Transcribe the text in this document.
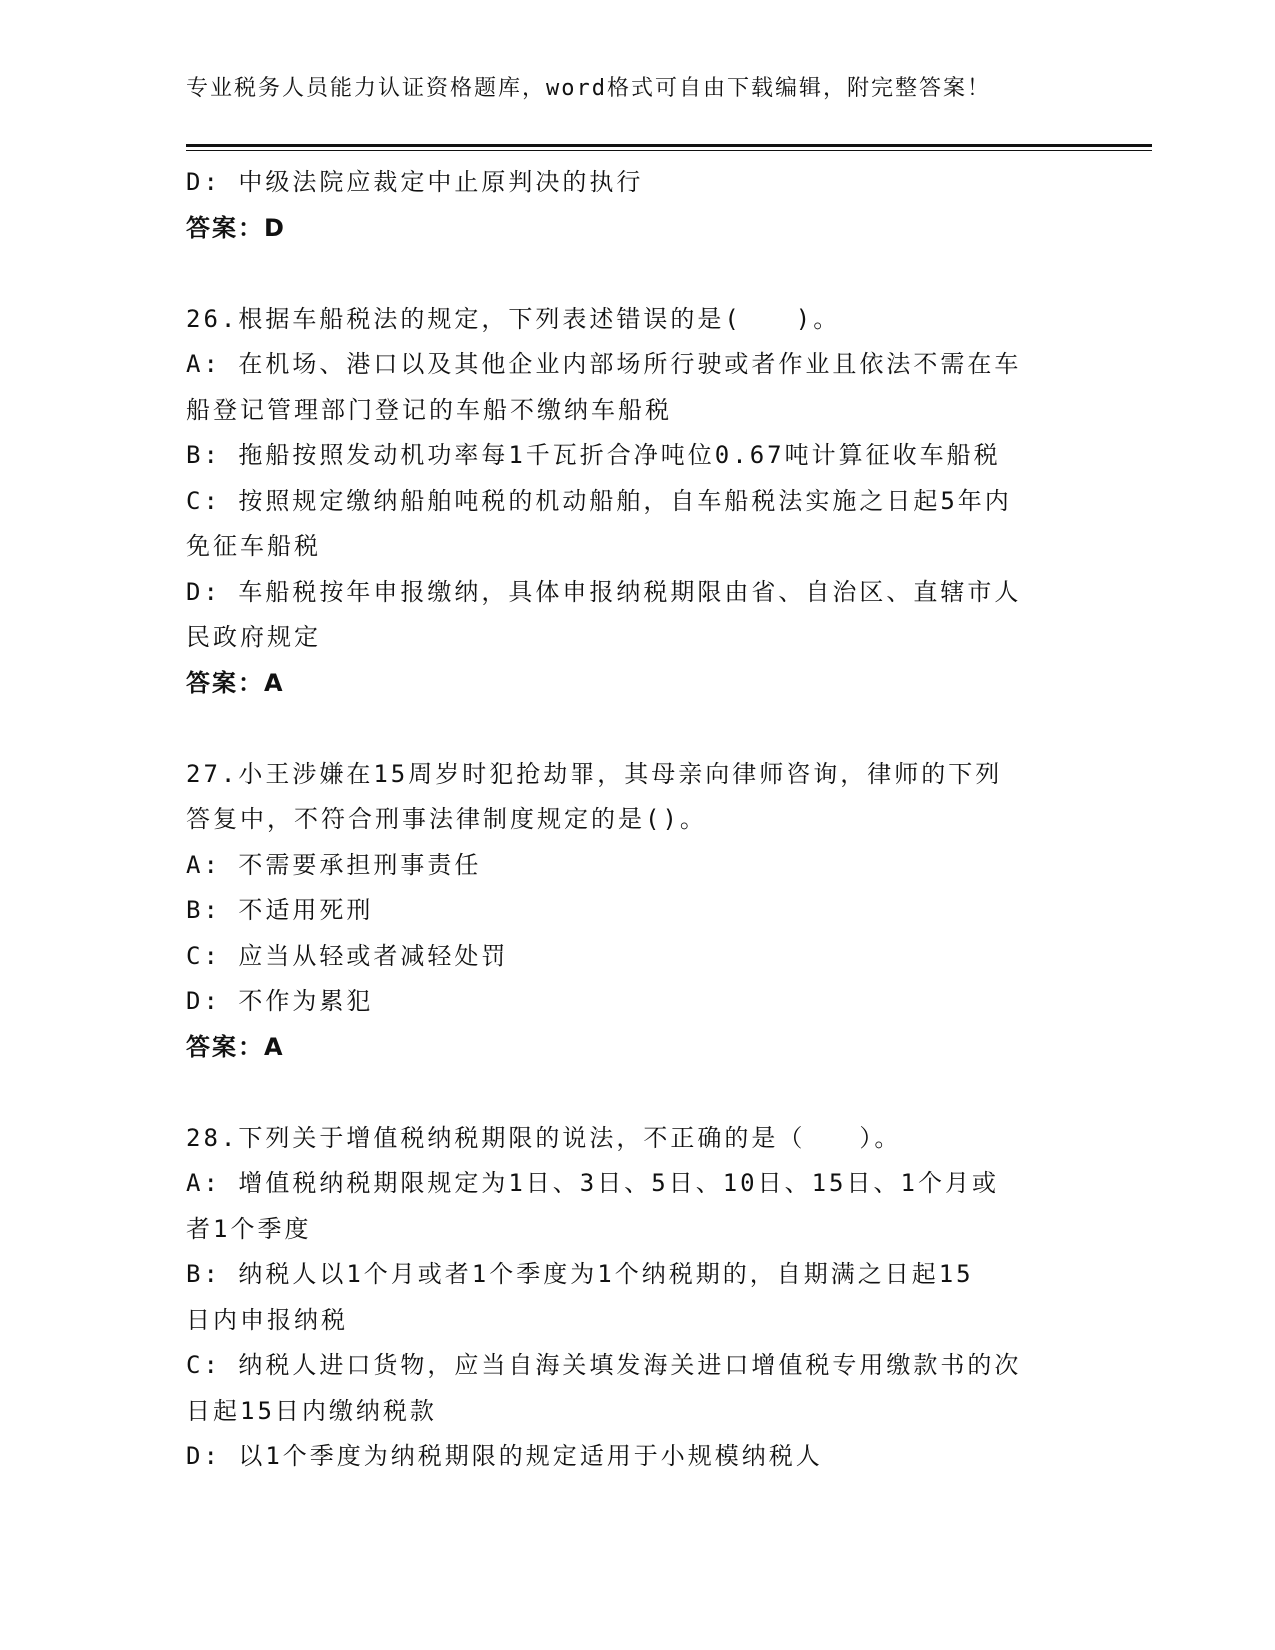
专业税务人员能力认证资格题库，word格式可自由下载编辑，附完整答案！
D: 中级法院应裁定中止原判决的执行
答案：D
26.根据车船税法的规定，下列表述错误的是(　　)。
A: 在机场、港口以及其他企业内部场所行驶或者作业且依法不需在车
船登记管理部门登记的车船不缴纳车船税
B: 拖船按照发动机功率每1千瓦折合净吨位0.67吨计算征收车船税
C: 按照规定缴纳船舶吨税的机动船舶，自车船税法实施之日起5年内
免征车船税
D: 车船税按年申报缴纳，具体申报纳税期限由省、自治区、直辖市人
民政府规定
答案：A
27.小王涉嫌在15周岁时犯抢劫罪，其母亲向律师咨询，律师的下列
答复中，不符合刑事法律制度规定的是()。
A: 不需要承担刑事责任
B: 不适用死刑
C: 应当从轻或者减轻处罚
D: 不作为累犯
答案：A
28.下列关于增值税纳税期限的说法，不正确的是（　　）。
A: 增值税纳税期限规定为1日、3日、5日、10日、15日、1个月或
者1个季度
B: 纳税人以1个月或者1个季度为1个纳税期的，自期满之日起15
日内申报纳税
C: 纳税人进口货物，应当自海关填发海关进口增值税专用缴款书的次
日起15日内缴纳税款
D: 以1个季度为纳税期限的规定适用于小规模纳税人
